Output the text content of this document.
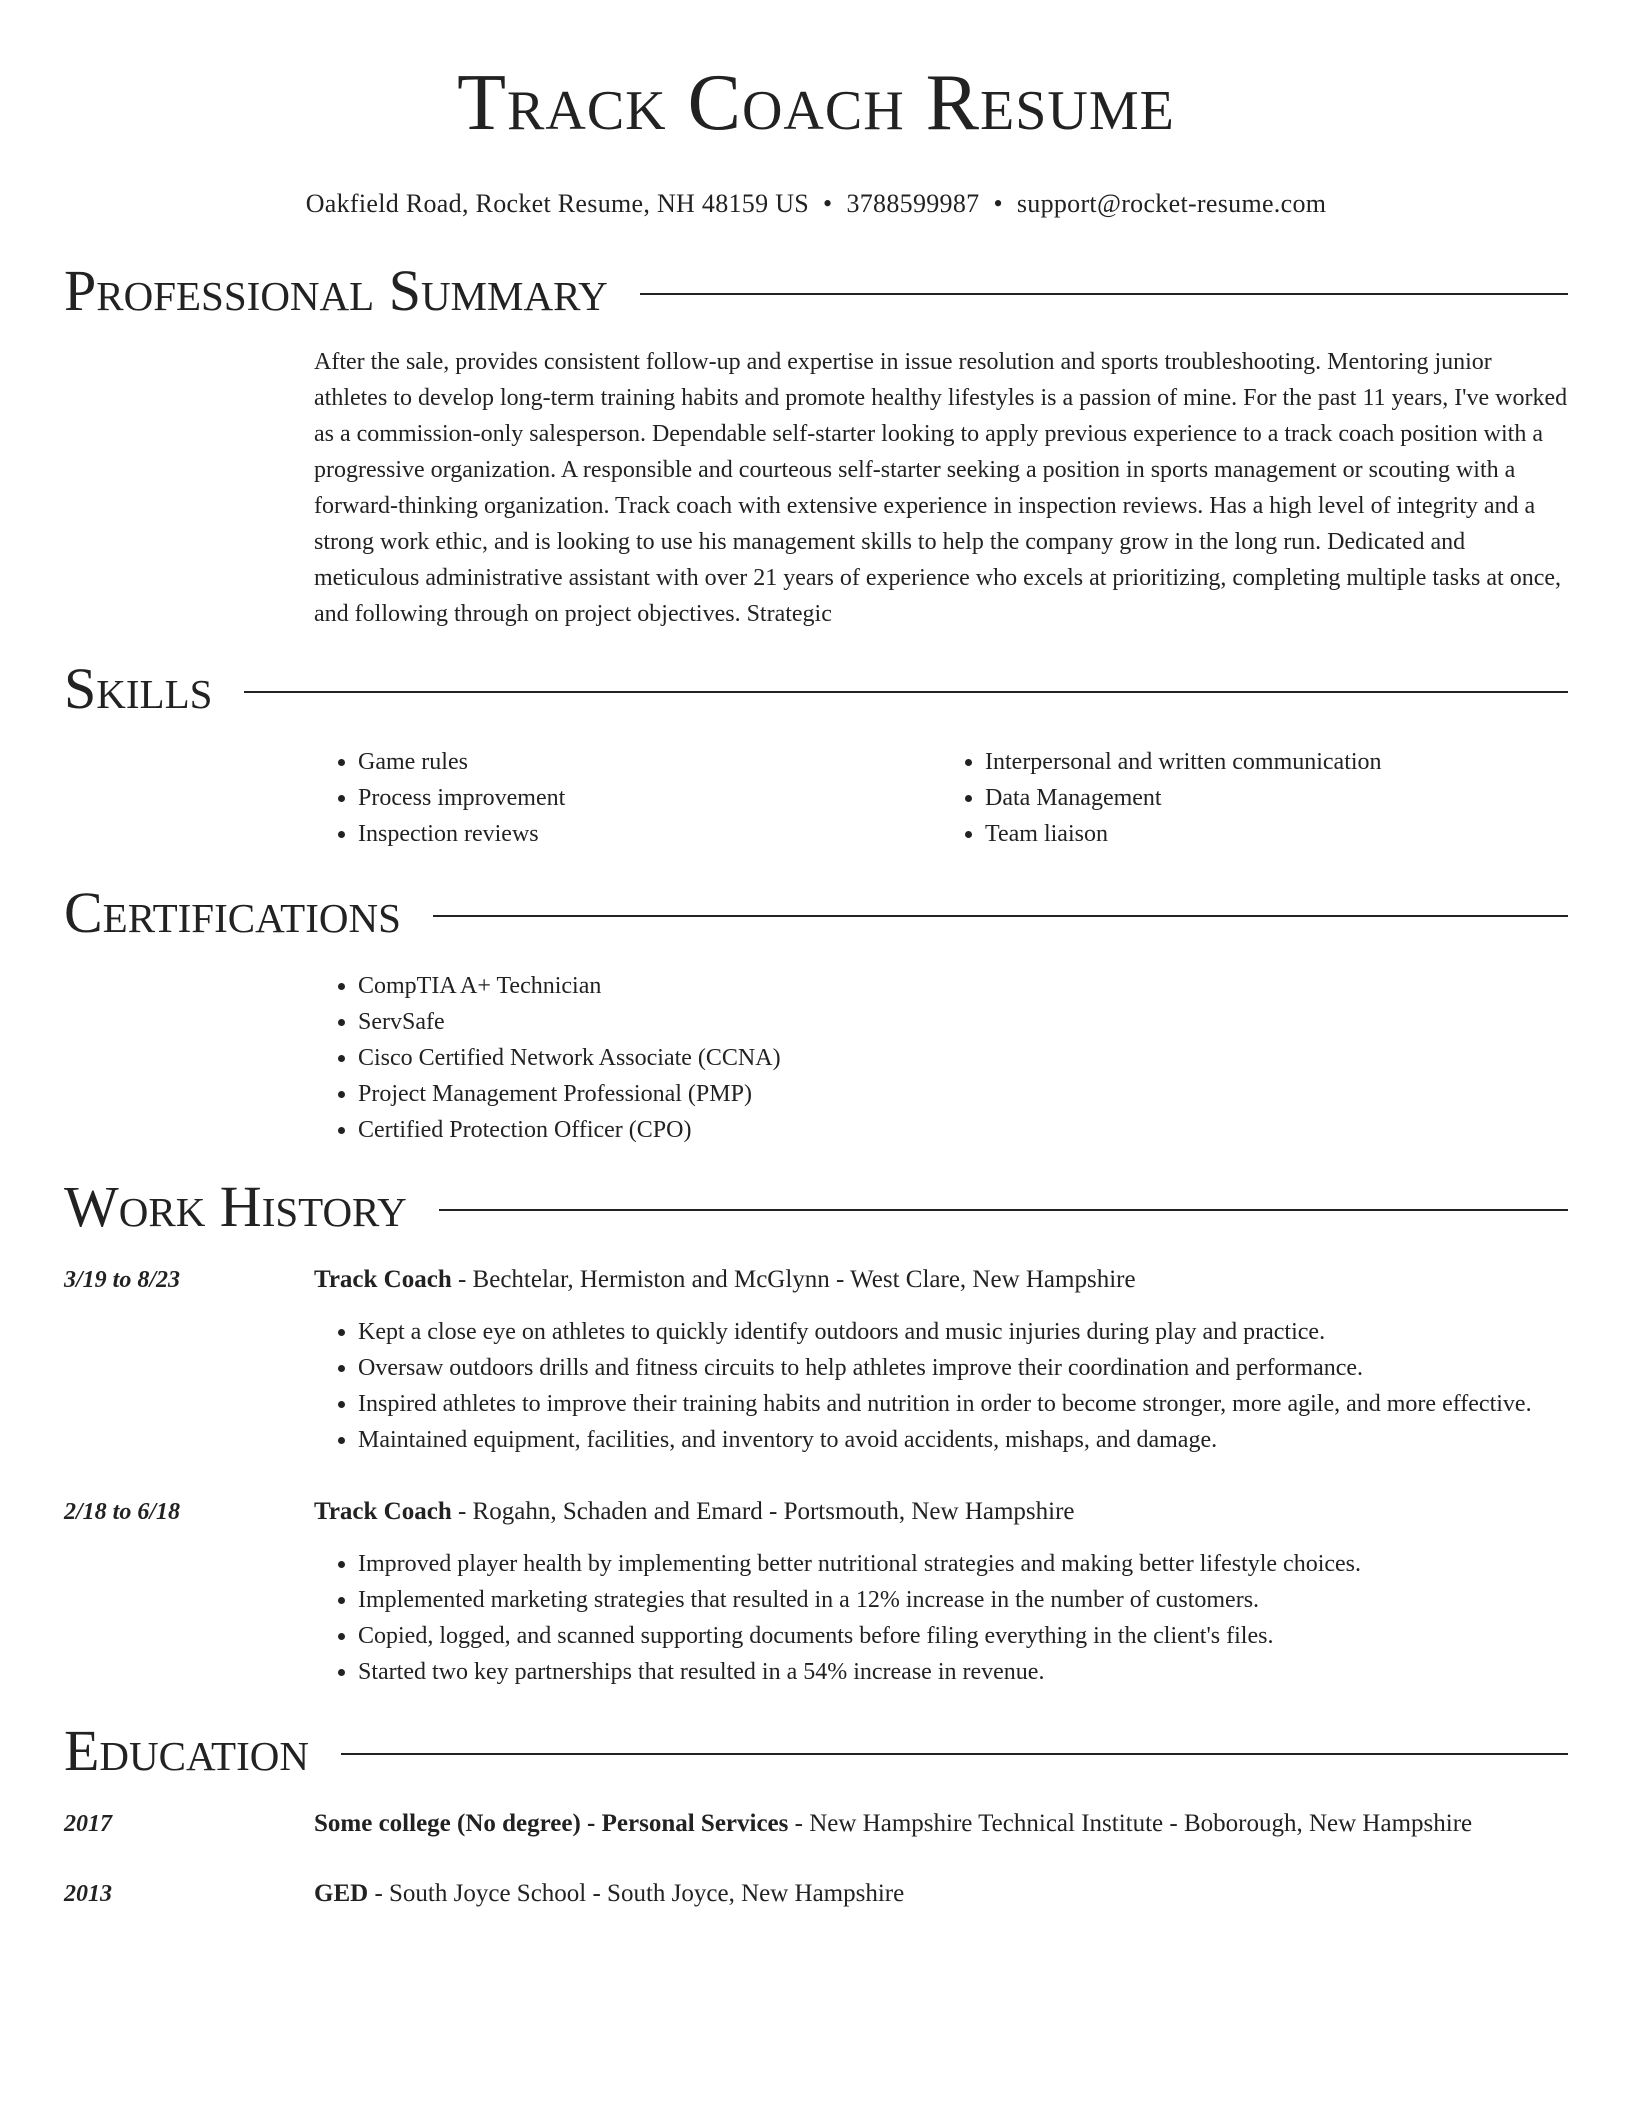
Track Coach Resume
Oakfield Road, Rocket Resume, NH 48159 US • 3788599987 • support@rocket-resume.com
Professional Summary
After the sale, provides consistent follow-up and expertise in issue resolution and sports troubleshooting. Mentoring junior athletes to develop long-term training habits and promote healthy lifestyles is a passion of mine. For the past 11 years, I've worked as a commission-only salesperson. Dependable self-starter looking to apply previous experience to a track coach position with a progressive organization. A responsible and courteous self-starter seeking a position in sports management or scouting with a forward-thinking organization. Track coach with extensive experience in inspection reviews. Has a high level of integrity and a strong work ethic, and is looking to use his management skills to help the company grow in the long run. Dedicated and meticulous administrative assistant with over 21 years of experience who excels at prioritizing, completing multiple tasks at once, and following through on project objectives. Strategic
Skills
• Game rules
• Process improvement
• Inspection reviews
• Interpersonal and written communication
• Data Management
• Team liaison
Certifications
• CompTIA A+ Technician
• ServSafe
• Cisco Certified Network Associate (CCNA)
• Project Management Professional (PMP)
• Certified Protection Officer (CPO)
Work History
3/19 to 8/23	Track Coach - Bechtelar, Hermiston and McGlynn - West Clare, New Hampshire
• Kept a close eye on athletes to quickly identify outdoors and music injuries during play and practice.
• Oversaw outdoors drills and fitness circuits to help athletes improve their coordination and performance.
• Inspired athletes to improve their training habits and nutrition in order to become stronger, more agile, and more effective.
• Maintained equipment, facilities, and inventory to avoid accidents, mishaps, and damage.
2/18 to 6/18	Track Coach - Rogahn, Schaden and Emard - Portsmouth, New Hampshire
• Improved player health by implementing better nutritional strategies and making better lifestyle choices.
• Implemented marketing strategies that resulted in a 12% increase in the number of customers.
• Copied, logged, and scanned supporting documents before filing everything in the client's files.
• Started two key partnerships that resulted in a 54% increase in revenue.
Education
2017	Some college (No degree) - Personal Services - New Hampshire Technical Institute - Boborough, New Hampshire
2013	GED - South Joyce School - South Joyce, New Hampshire
